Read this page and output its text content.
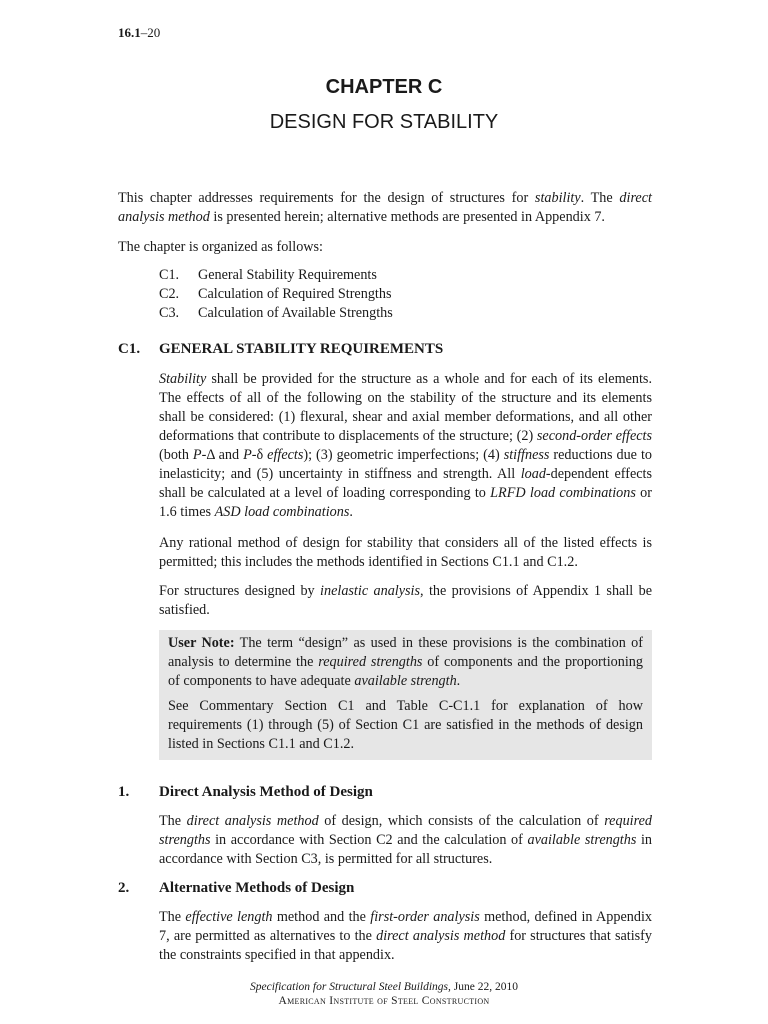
16.1–20
CHAPTER C
DESIGN FOR STABILITY

This chapter addresses requirements for the design of structures for stability. The direct analysis method is presented herein; alternative methods are presented in Appendix 7.

The chapter is organized as follows:

C1.	General Stability Requirements
C2.	Calculation of Required Strengths
C3.	Calculation of Available Strengths
C1.	GENERAL STABILITY REQUIREMENTS

Stability shall be provided for the structure as a whole and for each of its elements. The effects of all of the following on the stability of the structure and its elements shall be considered: (1) flexural, shear and axial member deformations, and all other deformations that contribute to displacements of the structure; (2) second-order effects (both P-Δ and P-δ effects); (3) geometric imperfections; (4) stiffness reductions due to inelasticity; and (5) uncertainty in stiffness and strength. All load-dependent effects shall be calculated at a level of loading corresponding to LRFD load combinations or 1.6 times ASD load combinations.

Any rational method of design for stability that considers all of the listed effects is permitted; this includes the methods identified in Sections C1.1 and C1.2.

For structures designed by inelastic analysis, the provisions of Appendix 1 shall be satisfied.

User Note: The term “design” as used in these provisions is the combination of analysis to determine the required strengths of components and the proportioning of components to have adequate available strength.

See Commentary Section C1 and Table C-C1.1 for explanation of how requirements (1) through (5) of Section C1 are satisfied in the methods of design listed in Sections C1.1 and C1.2.

1.	Direct Analysis Method of Design

The direct analysis method of design, which consists of the calculation of required strengths in accordance with Section C2 and the calculation of available strengths in accordance with Section C3, is permitted for all structures.

2.	Alternative Methods of Design

The effective length method and the first-order analysis method, defined in Appendix 7, are permitted as alternatives to the direct analysis method for structures that satisfy the constraints specified in that appendix.

Specification for Structural Steel Buildings, June 22, 2010
American Institute of Steel Construction
